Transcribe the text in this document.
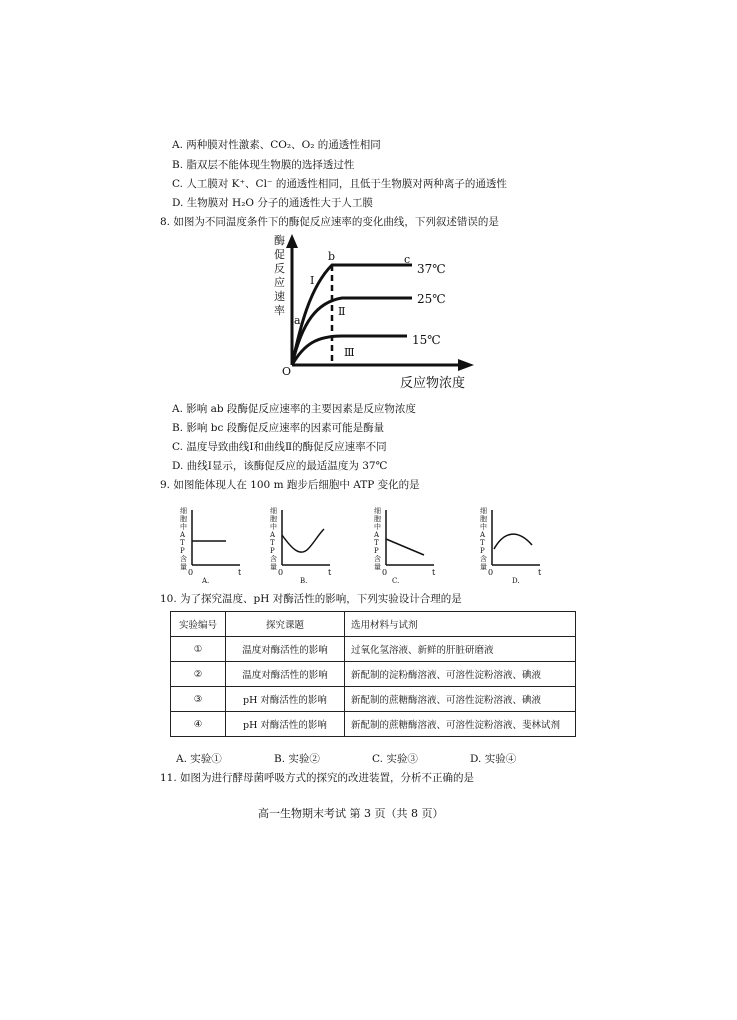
A. 两种膜对性激素、CO₂、O₂ 的通透性相同
B. 脂双层不能体现生物膜的选择透过性
C. 人工膜对 K⁺、Cl⁻ 的通透性相同，且低于生物膜对两种离子的通透性
D. 生物膜对 H₂O 分子的通透性大于人工膜
8. 如图为不同温度条件下的酶促反应速率的变化曲线，下列叙述错误的是
酶
促
反
应
速
率
a
b	c
Ⅰ
Ⅱ
Ⅲ
37℃
25℃
15℃
O
反应物浓度
A. 影响 ab 段酶促反应速率的主要因素是反应物浓度
B. 影响 bc 段酶促反应速率的因素可能是酶量
C. 温度导致曲线Ⅰ和曲线Ⅱ的酶促反应速率不同
D. 曲线Ⅰ显示，该酶促反应的最适温度为 37℃
9. 如图能体现人在 100 m 跑步后细胞中 ATP 变化的是
细
胞
中
A
T
P
含
量
0	t
A.
细
胞
中
A
T
P
含
量
0	t
B.
细
胞
中
A
T
P
含
量
0	t
C.
细
胞
中
A
T
P
含
量
0	t
D.
10. 为了探究温度、pH 对酶活性的影响，下列实验设计合理的是
实验编号	探究课题	选用材料与试剂
①	温度对酶活性的影响	过氧化氢溶液、新鲜的肝脏研磨液
②	温度对酶活性的影响	新配制的淀粉酶溶液、可溶性淀粉溶液、碘液
③	pH 对酶活性的影响	新配制的蔗糖酶溶液、可溶性淀粉溶液、碘液
④	pH 对酶活性的影响	新配制的蔗糖酶溶液、可溶性淀粉溶液、斐林试剂
A. 实验①	B. 实验②	C. 实验③	D. 实验④
11. 如图为进行酵母菌呼吸方式的探究的改进装置，分析不正确的是
高一生物期末考试 第 3 页（共 8 页）
